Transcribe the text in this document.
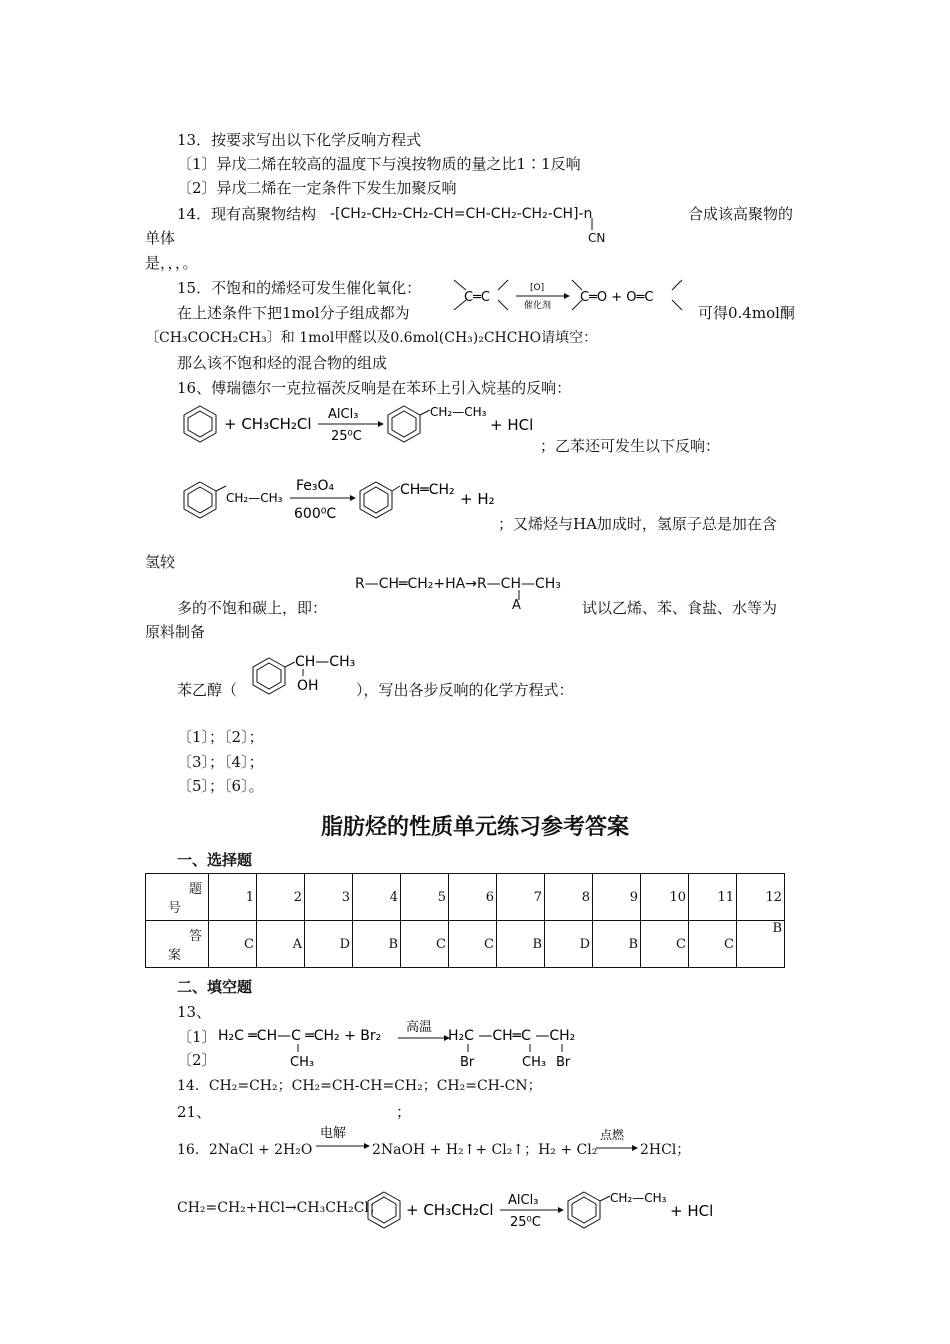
13．按要求写出以下化学反响方程式
〔1〕异戊二烯在较高的温度下与溴按物质的量之比1∶1反响
〔2〕异戊二烯在一定条件下发生加聚反响
14．现有高聚物结构 -[CH₂-CH₂-CH₂-CH=CH-CH₂-CH₂-CH]-n
CN
合成该高聚物的
单体
是，，，。
15．不饱和的烯烃可发生催化氧化：
C═C
[O]
催化剂
C═O + O═C
在上述条件下把1mol分子组成都为	可得0.4mol酮
〔CH₃COCH₂CH₃〕和 1mol甲醛以及0.6mol(CH₃)₂CHCHO请填空：
那么该不饱和烃的混合物的组成
16、傅瑞德尔一克拉福茨反响是在苯环上引入烷基的反响：
+ CH₃CH₂Cl
AlCl₃
25⁰C
CH₂—CH₃
+ HCl
；乙苯还可发生以下反响：
CH₂—CH₃
Fe₃O₄
600⁰C
CH═CH₂ + H₂
；又烯烃与HA加成时，氢原子总是加在含
氢较
R—CH═CH₂+HA→R—CH—CH₃
A
多的不饱和碳上，即：	试以乙烯、苯、食盐、水等为
原料制备
苯乙醇（
CH—CH₃
OH ），写出各步反响的化学方程式：
〔1〕；〔2〕；
〔3〕；〔4〕；
〔5〕；〔6〕。
脂肪烃的性质单元练习参考答案
一、选择题
题
号	1	2	3	4	5	6	7	8	9	10	11	12

答
案	C	A	D	B	C	C	B	D	B	C	C	B
二、填空题
13、
〔1〕
〔2〕
H₂C ═CH—C ═CH₂ + Br₂
CH₃
高温
H₂C —CH═C —CH₂
Br	CH₃ Br
14．CH₂=CH₂；CH₂=CH-CH=CH₂；CH₂=CH-CN；
21、	；
16．2NaCl + 2H₂O
电解
2NaOH + H₂↑+ Cl₂↑；H₂ + Cl₂
点燃
2HCl；
CH₂=CH₂+HCl→CH₃CH₂Cl； + CH₃CH₂Cl
AlCl₃
25⁰C
CH₂—CH₃
+ HCl
